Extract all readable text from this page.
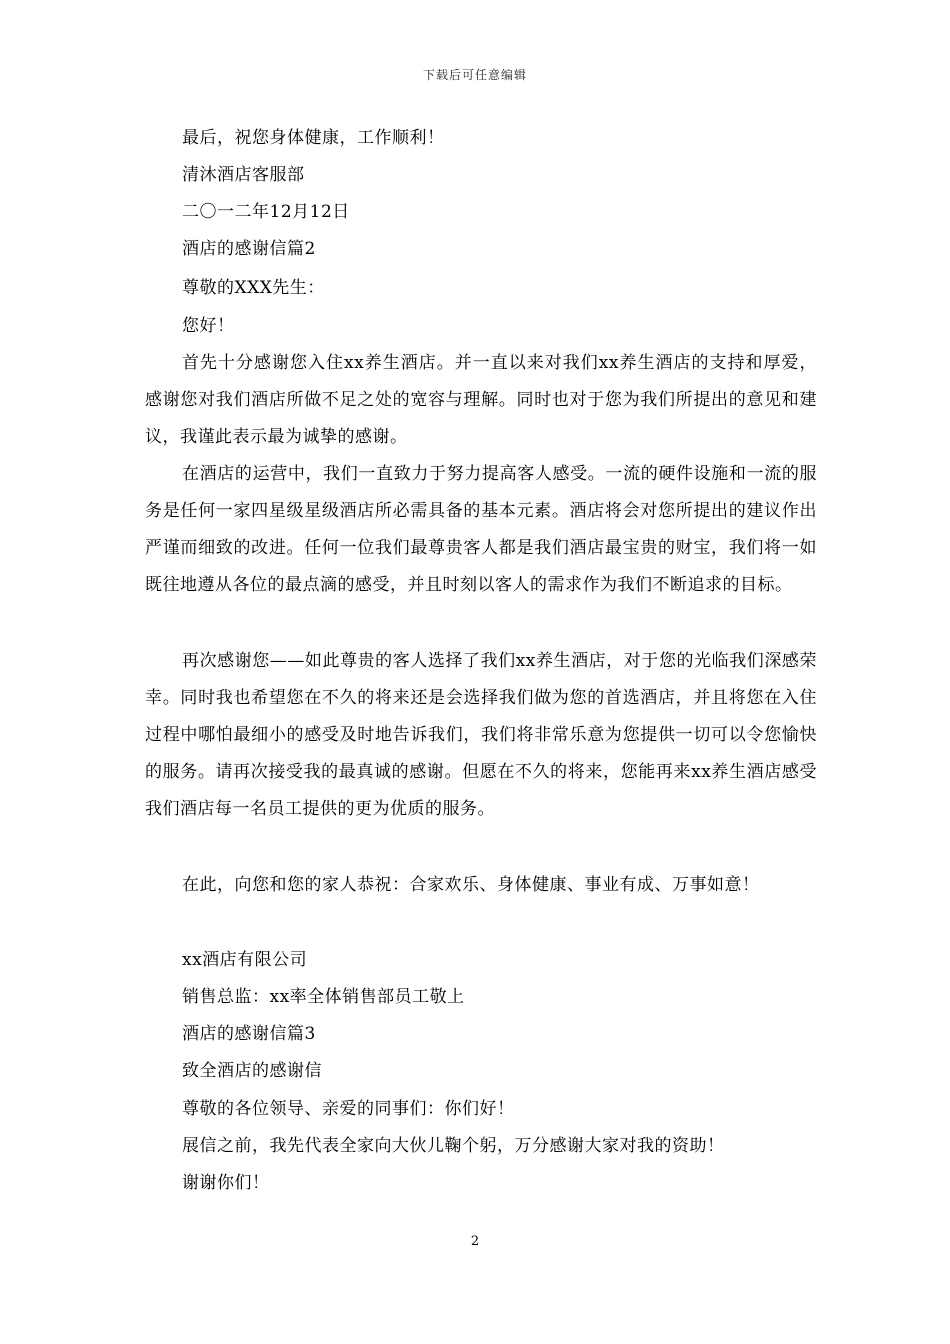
下载后可任意编辑
最后，祝您身体健康，工作顺利！
清沐酒店客服部
二〇一二年12月12日
酒店的感谢信篇2
尊敬的XXX先生：
您好！
首先十分感谢您入住xx养生酒店。并一直以来对我们xx养生酒店的支持和厚爱，感谢您对我们酒店所做不足之处的宽容与理解。同时也对于您为我们所提出的意见和建议，我谨此表示最为诚挚的感谢。
在酒店的运营中，我们一直致力于努力提高客人感受。一流的硬件设施和一流的服务是任何一家四星级星级酒店所必需具备的基本元素。酒店将会对您所提出的建议作出严谨而细致的改进。任何一位我们最尊贵客人都是我们酒店最宝贵的财宝，我们将一如既往地遵从各位的最点滴的感受，并且时刻以客人的需求作为我们不断追求的目标。
再次感谢您——如此尊贵的客人选择了我们xx养生酒店，对于您的光临我们深感荣幸。同时我也希望您在不久的将来还是会选择我们做为您的首选酒店，并且将您在入住过程中哪怕最细小的感受及时地告诉我们，我们将非常乐意为您提供一切可以令您愉快的服务。请再次接受我的最真诚的感谢。但愿在不久的将来，您能再来xx养生酒店感受我们酒店每一名员工提供的更为优质的服务。
在此，向您和您的家人恭祝：合家欢乐、身体健康、事业有成、万事如意！
xx酒店有限公司
销售总监：xx率全体销售部员工敬上
酒店的感谢信篇3
致全酒店的感谢信
尊敬的各位领导、亲爱的同事们：你们好！
展信之前，我先代表全家向大伙儿鞠个躬，万分感谢大家对我的资助！
谢谢你们！
2
